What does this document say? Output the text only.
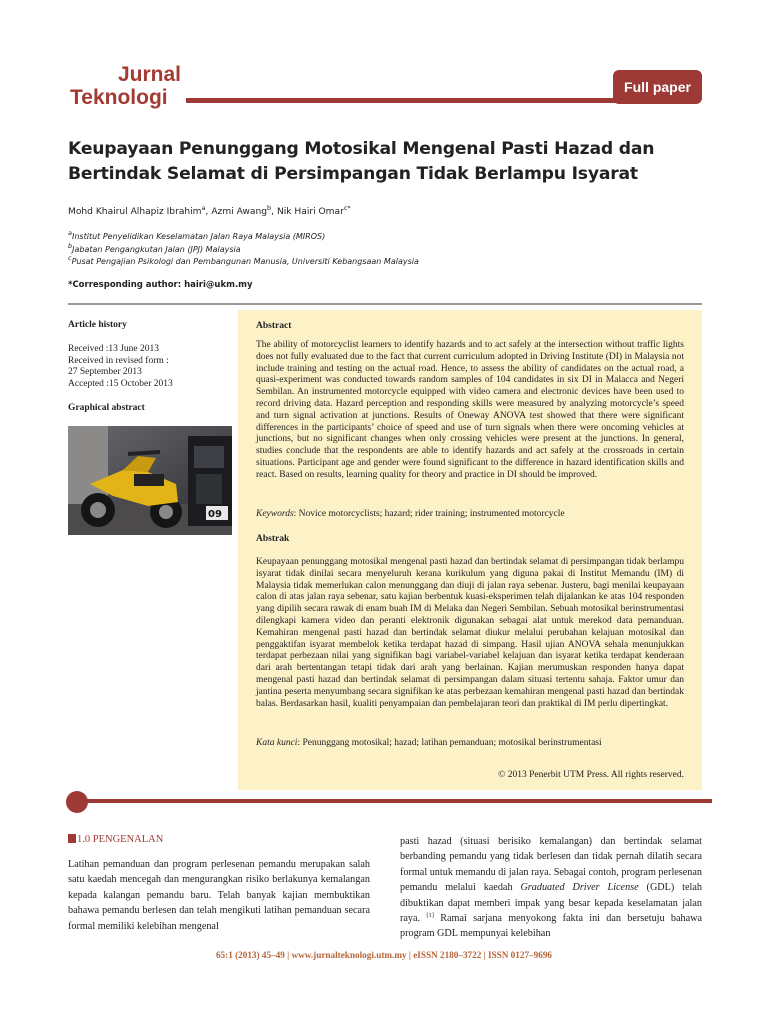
Jurnal
Teknologi	Full paper
Keupayaan Penunggang Motosikal Mengenal Pasti Hazad dan Bertindak Selamat di Persimpangan Tidak Berlampu Isyarat
Mohd Khairul Alhapiz Ibrahim$^a$, Azmi Awang$^b$, Nik Hairi Omar$^{c*}$
$^a$Institut Penyelidikan Keselamatan Jalan Raya Malaysia (MIROS)
$^b$Jabatan Pengangkutan Jalan (JPJ) Malaysia
$^c$Pusat Pengajian Psikologi dan Pembangunan Manusia, Universiti Kebangsaan Malaysia
*Corresponding author: hairi@ukm.my
Article history
Received :13 June 2013
Received in revised form :
27 September 2013
Accepted :15 October 2013
Graphical abstract
09
Abstract

The ability of motorcyclist learners to identify hazards and to act safely at the intersection without traffic lights does not fully evaluated due to the fact that current curriculum adopted in Driving Institute (DI) in Malaysia not include training and testing on the actual road. Hence, to assess the ability of candidates on the actual road, a quasi-experiment was conducted towards random samples of 104 candidates in six DI in Malacca and Negeri Sembilan. An instrumented motorcycle equipped with video camera and electronic devices have been used to record driving data. Hazard perception and responding skills were measured by analyzing motorcycle’s speed and turn signal activation at junctions. Results of Oneway ANOVA test showed that there were significant differences in the participants’ choice of speed and use of turn signals when there were oncoming vehicles at junctions, but no significant changes when only crossing vehicles were present at the junctions. In general, studies conclude that the respondents are able to identify hazards and act safely at the crossroads in certain situations. Participant age and gender were found significant to the difference in hazard identification skills and react. Based on results, learning quality for theory and practice in DI should be improved.

Keywords: Novice motorcyclists; hazard; rider training; instrumented motorcycle
Abstrak

Keupayaan penunggang motosikal mengenal pasti hazad dan bertindak selamat di persimpangan tidak berlampu isyarat tidak dinilai secara menyeluruh kerana kurikulum yang diguna pakai di Institut Memandu (IM) di Malaysia tidak memerlukan calon menunggang dan diuji di jalan raya sebenar. Justeru, bagi menilai keupayaan calon di atas jalan raya sebenar, satu kajian berbentuk kuasi-eksperimen telah dijalankan ke atas 104 responden yang dipilih secara rawak di enam buah IM di Melaka dan Negeri Sembilan. Sebuah motosikal berinstrumentasi dilengkapi kamera video dan peranti elektronik digunakan sebagai alat untuk merekod data pemanduan. Kemahiran mengenal pasti hazad dan bertindak selamat diukur melalui perubahan kelajuan motosikal dan penggaktifan isyarat membelok ketika terdapat hazad di simpang. Hasil ujian ANOVA sehala menunjukkan terdapat perbezaan nilai yang signifikan bagi variabel-variabel kelajuan dan isyarat ketika terdapat kenderaan dari arah bertentangan tetapi tidak dari arah yang berlainan. Kajian merumuskan responden hanya dapat mengenal pasti hazad dan bertindak selamat di persimpangan dalam situasi tertentu sahaja. Faktor umur dan jantina peserta menyumbang secara signifikan ke atas perbezaan kemahiran mengenal pasti hazad dan bertindak balas. Berdasarkan hasil, kualiti penyampaian dan pembelajaran teori dan praktikal di IM perlu dipertingkat.

Kata kunci: Penunggang motosikal; hazad; latihan pemanduan; motosikal berinstrumentasi
© 2013 Penerbit UTM Press. All rights reserved.
1.0 PENGENALAN

Latihan pemanduan dan program perlesenan pemandu merupakan salah satu kaedah mencegah dan mengurangkan risiko berlakunya kemalangan kepada kalangan pemandu baru. Telah banyak kajian membuktikan bahawa pemandu berlesen dan telah mengikuti latihan pemanduan secara formal memiliki kelebihan mengenal

pasti hazad (situasi berisiko kemalangan) dan bertindak selamat berbanding pemandu yang tidak berlesen dan tidak pernah dilatih secara formal untuk memandu di jalan raya. Sebagai contoh, program perlesenan pemandu melalui kaedah Graduated Driver License (GDL) telah dibuktikan dapat memberi impak yang besar kepada keselamatan jalan raya. [1] Ramai sarjana menyokong fakta ini dan bersetuju bahawa program GDL mempunyai kelebihan

65:1 (2013) 45–49 | www.jurnalteknologi.utm.my | eISSN 2180–3722 | ISSN 0127–9696
